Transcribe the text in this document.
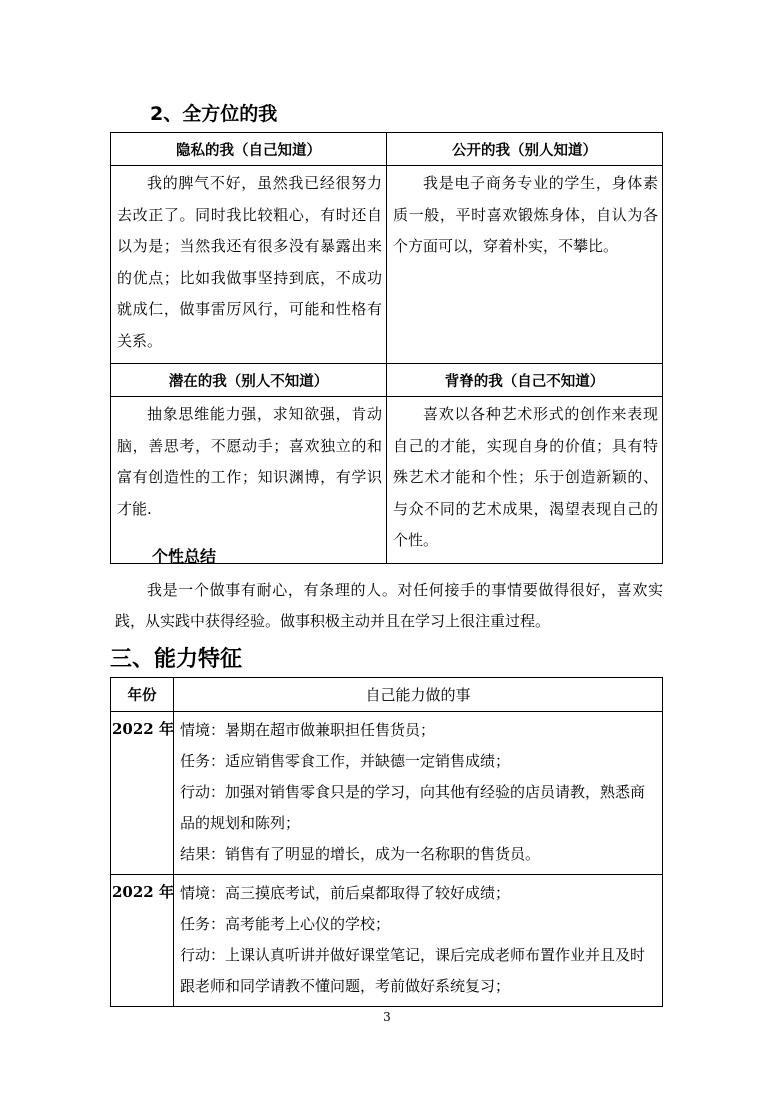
2、全方位的我
隐私的我（自己知道）	公开的我（别人知道）
我的脾气不好，虽然我已经很努力去改正了。同时我比较粗心，有时还自以为是；当然我还有很多没有暴露出来的优点；比如我做事坚持到底，不成功就成仁，做事雷厉风行，可能和性格有关系。	我是电子商务专业的学生，身体素质一般，平时喜欢锻炼身体，自认为各个方面可以，穿着朴实，不攀比。
潜在的我（别人不知道）	背脊的我（自己不知道）
抽象思维能力强，求知欲强，肯动脑，善思考，不愿动手；喜欢独立的和富有创造性的工作；知识渊博，有学识才能.	喜欢以各种艺术形式的创作来表现自己的才能，实现自身的价值；具有特殊艺术才能和个性；乐于创造新颖的、与众不同的艺术成果，渴望表现自己的个性。
个性总结
我是一个做事有耐心，有条理的人。对任何接手的事情要做得很好，喜欢实践，从实践中获得经验。做事积极主动并且在学习上很注重过程。
三、能力特征
年份	自己能力做的事
2022 年	情境：暑期在超市做兼职担任售货员；
任务：适应销售零食工作，并缺德一定销售成绩；
行动：加强对销售零食只是的学习，向其他有经验的店员请教，熟悉商品的规划和陈列；
结果：销售有了明显的增长，成为一名称职的售货员。

2022 年	情境：高三摸底考试，前后桌都取得了较好成绩；
任务：高考能考上心仪的学校；
行动：上课认真听讲并做好课堂笔记，课后完成老师布置作业并且及时跟老师和同学请教不懂问题，考前做好系统复习；
3
